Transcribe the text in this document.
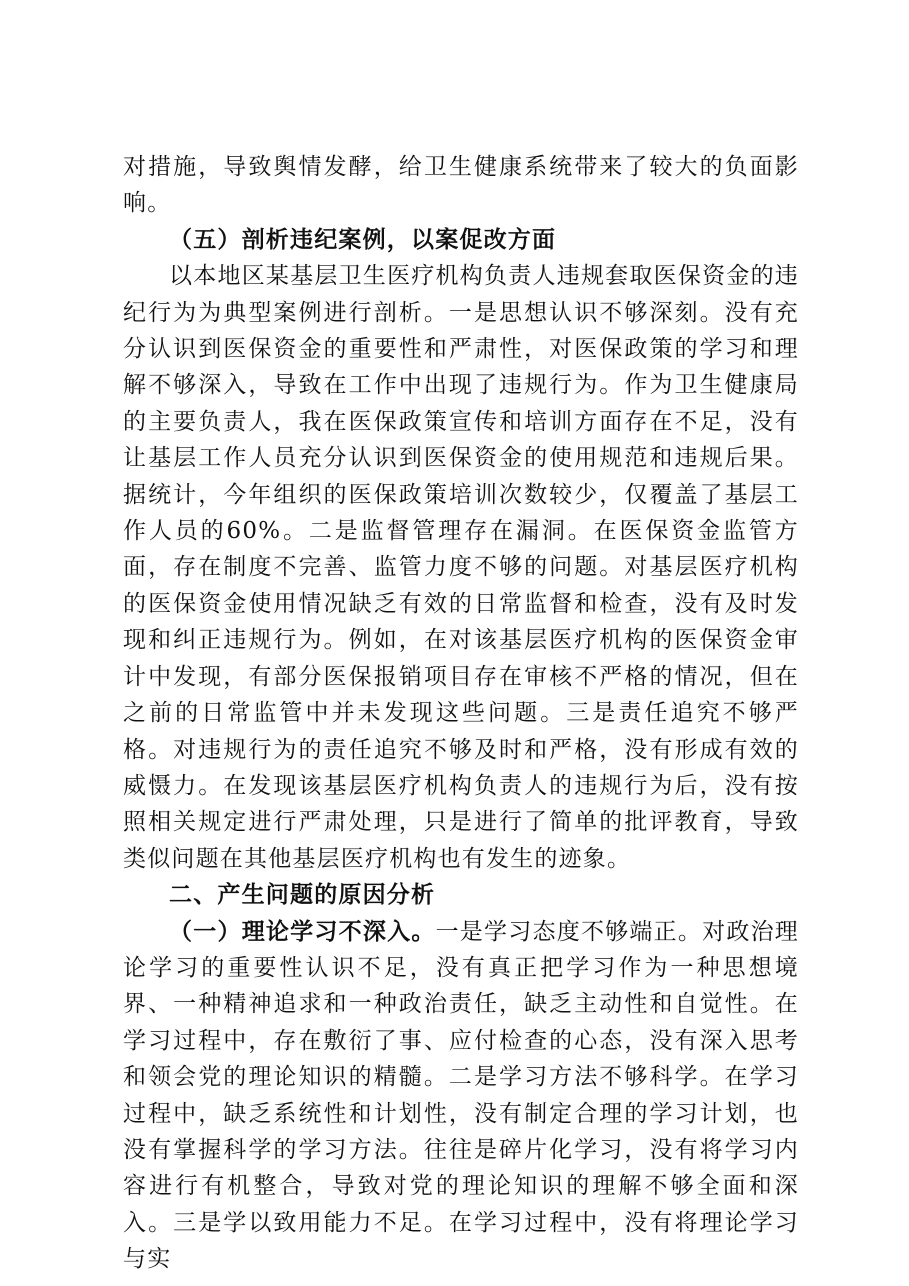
对措施，导致舆情发酵，给卫生健康系统带来了较大的负面影响。

（五）剖析违纪案例，以案促改方面

以本地区某基层卫生医疗机构负责人违规套取医保资金的违纪行为为典型案例进行剖析。一是思想认识不够深刻。没有充分认识到医保资金的重要性和严肃性，对医保政策的学习和理解不够深入，导致在工作中出现了违规行为。作为卫生健康局的主要负责人，我在医保政策宣传和培训方面存在不足，没有让基层工作人员充分认识到医保资金的使用规范和违规后果。据统计，今年组织的医保政策培训次数较少，仅覆盖了基层工作人员的60%。二是监督管理存在漏洞。在医保资金监管方面，存在制度不完善、监管力度不够的问题。对基层医疗机构的医保资金使用情况缺乏有效的日常监督和检查，没有及时发现和纠正违规行为。例如，在对该基层医疗机构的医保资金审计中发现，有部分医保报销项目存在审核不严格的情况，但在之前的日常监管中并未发现这些问题。三是责任追究不够严格。对违规行为的责任追究不够及时和严格，没有形成有效的威慑力。在发现该基层医疗机构负责人的违规行为后，没有按照相关规定进行严肃处理，只是进行了简单的批评教育，导致类似问题在其他基层医疗机构也有发生的迹象。

二、产生问题的原因分析

（一）理论学习不深入。一是学习态度不够端正。对政治理论学习的重要性认识不足，没有真正把学习作为一种思想境界、一种精神追求和一种政治责任，缺乏主动性和自觉性。在学习过程中，存在敷衍了事、应付检查的心态，没有深入思考和领会党的理论知识的精髓。二是学习方法不够科学。在学习过程中，缺乏系统性和计划性，没有制定合理的学习计划，也没有掌握科学的学习方法。往往是碎片化学习，没有将学习内容进行有机整合，导致对党的理论知识的理解不够全面和深入。三是学以致用能力不足。在学习过程中，没有将理论学习与实
